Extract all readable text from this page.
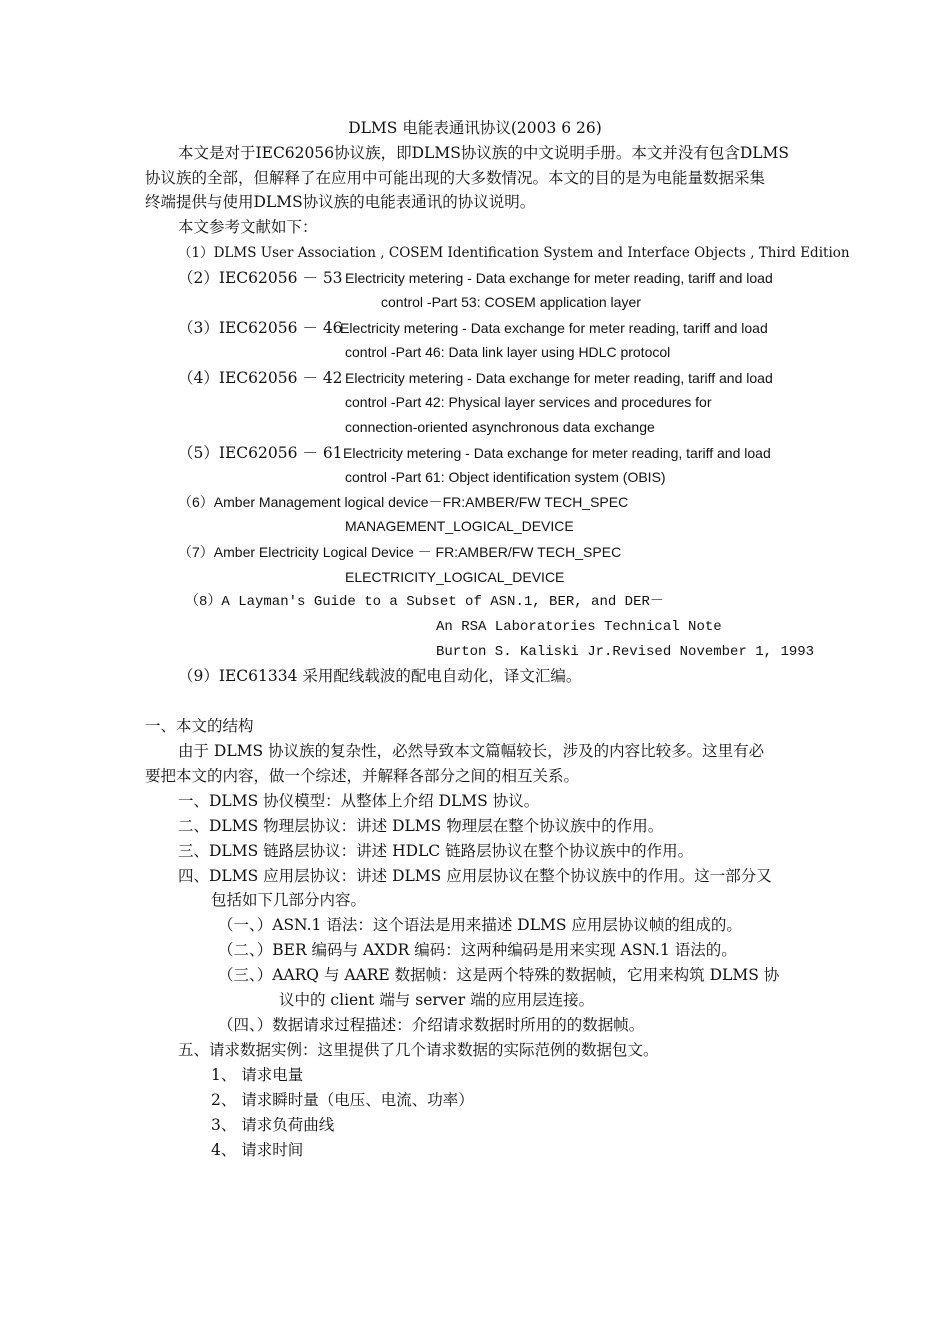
DLMS 电能表通讯协议(2003 6 26)
本文是对于IEC62056协议族，即DLMS协议族的中文说明手册。本文并没有包含DLMS
协议族的全部，但解释了在应用中可能出现的大多数情况。本文的目的是为电能量数据采集
终端提供与使用DLMS协议族的电能表通讯的协议说明。
本文参考文献如下：
（1）DLMS User Association , COSEM Identification System and Interface Objects , Third Edition
（2）IEC62056 － 53 Electricity metering - Data exchange for meter reading, tariff and load
control -Part 53: COSEM application layer
（3）IEC62056 － 46
Electricity metering - Data exchange for meter reading, tariff and load
control -Part 46: Data link layer using HDLC protocol
（4）IEC62056 － 42 Electricity metering - Data exchange for meter reading, tariff and load
control -Part 42: Physical layer services and procedures for
connection-oriented asynchronous data exchange
（5）IEC62056 － 61 Electricity metering - Data exchange for meter reading, tariff and load
control -Part 61: Object identification system (OBIS)
（6）Amber Management logical device－FR:AMBER/FW TECH_SPEC
MANAGEMENT_LOGICAL_DEVICE
（7）Amber Electricity Logical Device － FR:AMBER/FW TECH_SPEC
ELECTRICITY_LOGICAL_DEVICE
（8）A Layman's Guide to a Subset of ASN.1, BER, and DER－
An RSA Laboratories Technical Note
Burton S. Kaliski Jr.Revised November 1, 1993
（9）IEC61334 采用配线载波的配电自动化，译文汇编。
一、本文的结构
由于 DLMS 协议族的复杂性，必然导致本文篇幅较长，涉及的内容比较多。这里有必
要把本文的内容，做一个综述，并解释各部分之间的相互关系。
一、DLMS 协仪模型：从整体上介绍 DLMS 协议。
二、DLMS 物理层协议：讲述 DLMS 物理层在整个协议族中的作用。
三、DLMS 链路层协议：讲述 HDLC 链路层协议在整个协议族中的作用。
四、DLMS 应用层协议：讲述 DLMS 应用层协议在整个协议族中的作用。这一部分又
包括如下几部分内容。
（一、）ASN.1 语法：这个语法是用来描述 DLMS 应用层协议帧的组成的。
（二、）BER 编码与 AXDR 编码：这两种编码是用来实现 ASN.1 语法的。
（三、）AARQ 与 AARE 数据帧：这是两个特殊的数据帧，它用来构筑 DLMS 协
议中的 client 端与 server 端的应用层连接。
（四、）数据请求过程描述：介绍请求数据时所用的的数据帧。
五、请求数据实例：这里提供了几个请求数据的实际范例的数据包文。
1、 请求电量
2、 请求瞬时量（电压、电流、功率）
3、 请求负荷曲线
4、 请求时间
